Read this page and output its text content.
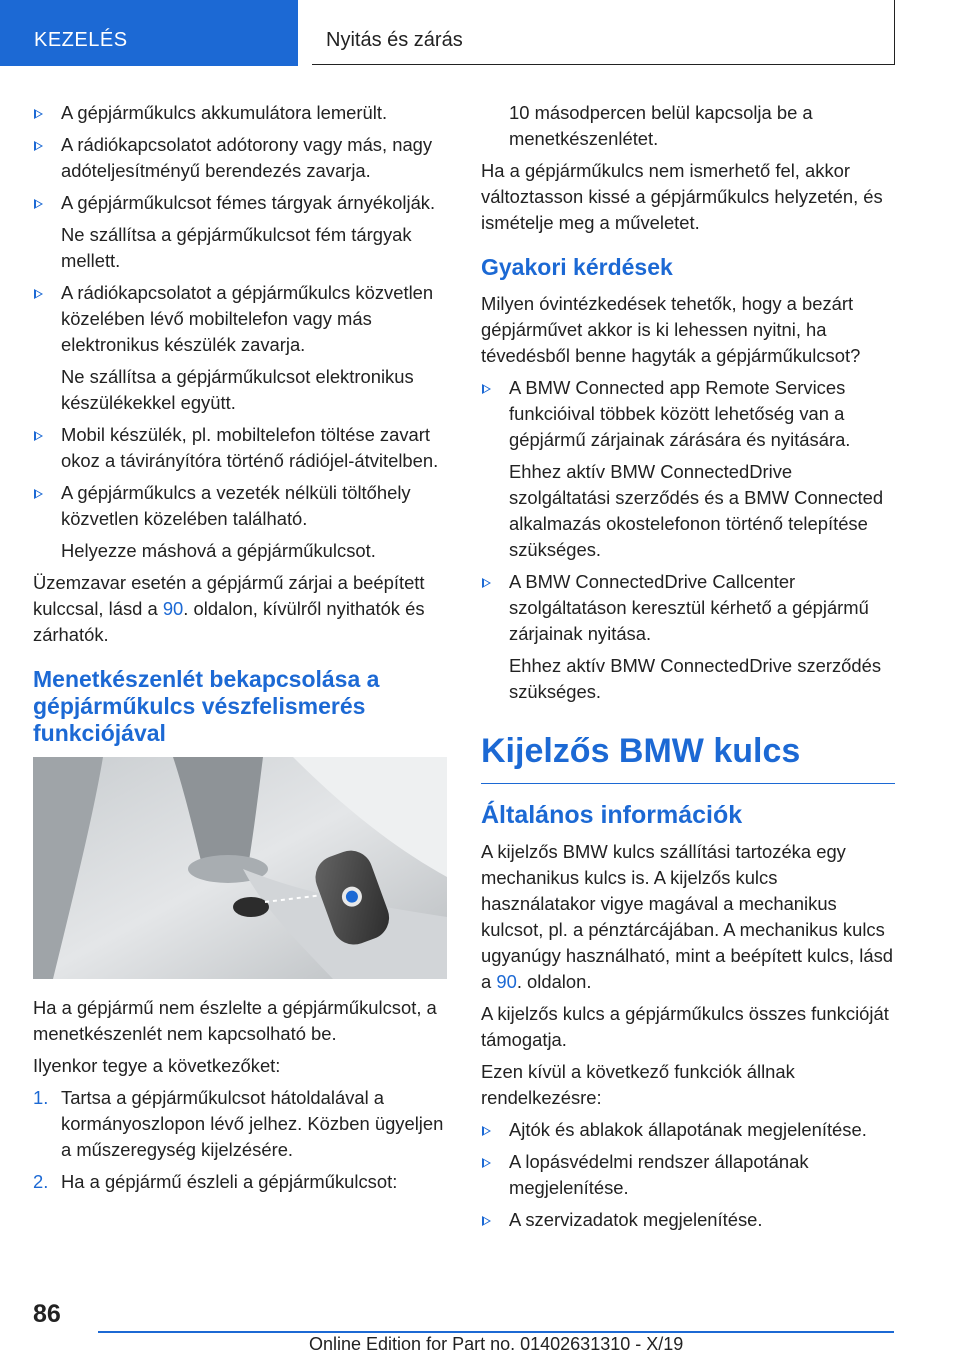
KEZELÉS	Nyitás és zárás
A gépjárműkulcs akkumulátora lemerült.
A rádiókapcsolatot adótorony vagy más, nagy adóteljesítményű berendezés zavarja.
A gépjárműkulcsot fémes tárgyak árnyékolják.
Ne szállítsa a gépjárműkulcsot fém tárgyak mellett.
A rádiókapcsolatot a gépjárműkulcs közvetlen közelében lévő mobiltelefon vagy más elektronikus készülék zavarja.
Ne szállítsa a gépjárműkulcsot elektronikus készülékekkel együtt.
Mobil készülék, pl. mobiltelefon töltése zavart okoz a távirányítóra történő rádiójel-átvitelben.
A gépjárműkulcs a vezeték nélküli töltőhely közvetlen közelében található.
Helyezze máshová a gépjárműkulcsot.
Üzemzavar esetén a gépjármű zárjai a beépített kulccsal, lásd a 90. oldalon, kívülről nyithatók és zárhatók.
Menetkészenlét bekapcsolása a gépjárműkulcs vészfelismerés funkciójával
Ha a gépjármű nem észlelte a gépjárműkulcsot, a menetkészenlét nem kapcsolható be.
Ilyenkor tegye a következőket:
1. Tartsa a gépjárműkulcsot hátoldalával a kormányoszlopon lévő jelhez. Közben ügyeljen a műszeregység kijelzésére.
2. Ha a gépjármű észleli a gépjárműkulcsot:
10 másodpercen belül kapcsolja be a menetkészenlétet.
Ha a gépjárműkulcs nem ismerhető fel, akkor változtasson kissé a gépjárműkulcs helyzetén, és ismételje meg a műveletet.
Gyakori kérdések
Milyen óvintézkedések tehetők, hogy a bezárt gépjárművet akkor is ki lehessen nyitni, ha tévedésből benne hagyták a gépjárműkulcsot?
A BMW Connected app Remote Services funkcióival többek között lehetőség van a gépjármű zárjainak zárására és nyitására.
Ehhez aktív BMW ConnectedDrive szolgáltatási szerződés és a BMW Connected alkalmazás okostelefonon történő telepítése szükséges.
A BMW ConnectedDrive Callcenter szolgáltatáson keresztül kérhető a gépjármű zárjainak nyitása.
Ehhez aktív BMW ConnectedDrive szerződés szükséges.
Kijelzős BMW kulcs
Általános információk
A kijelzős BMW kulcs szállítási tartozéka egy mechanikus kulcs is. A kijelzős kulcs használatakor vigye magával a mechanikus kulcsot, pl. a pénztárcájában. A mechanikus kulcs ugyanúgy használható, mint a beépített kulcs, lásd a 90. oldalon.
A kijelzős kulcs a gépjárműkulcs összes funkcióját támogatja.
Ezen kívül a következő funkciók állnak rendelkezésre:
Ajtók és ablakok állapotának megjelenítése.
A lopásvédelmi rendszer állapotának megjelenítése.
A szervizadatok megjelenítése.
86
Online Edition for Part no. 01402631310 - X/19
